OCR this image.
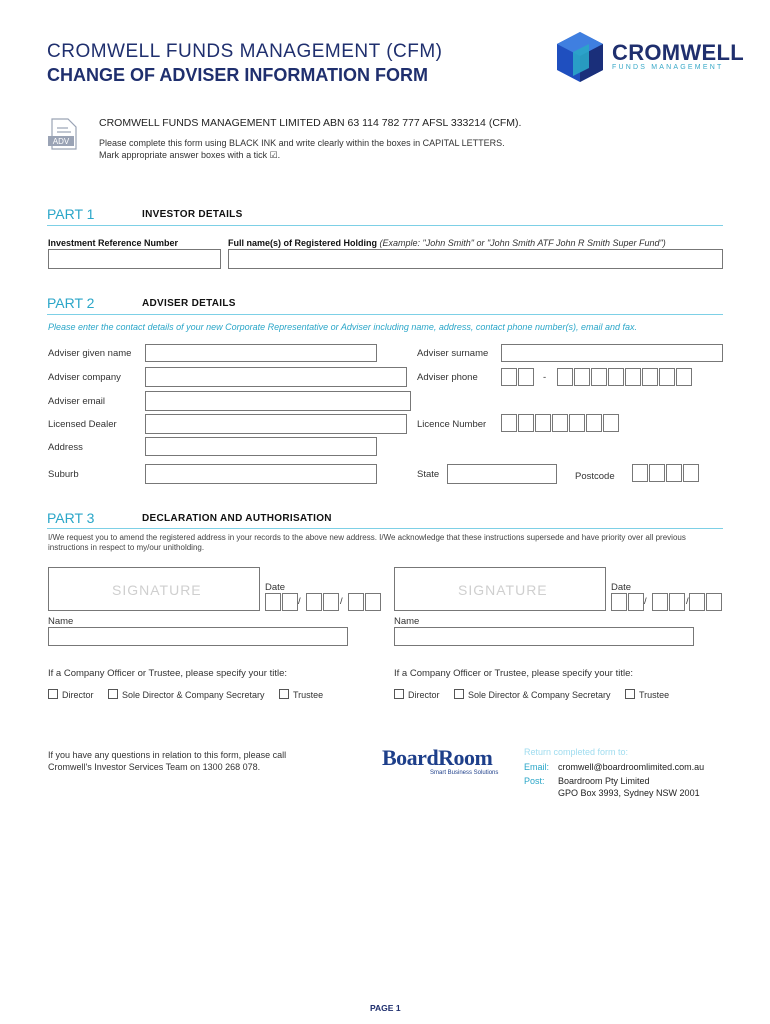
CROMWELL FUNDS MANAGEMENT (CFM)
CHANGE OF ADVISER INFORMATION FORM
CROMWELL
FUNDS MANAGEMENT
ADV
CROMWELL FUNDS MANAGEMENT LIMITED ABN 63 114 782 777 AFSL 333214 (CFM).
Please complete this form using BLACK INK and write clearly within the boxes in CAPITAL LETTERS.
Mark appropriate answer boxes with a tick ☑.
PART 1	INVESTOR DETAILS
Investment Reference Number	Full name(s) of Registered Holding (Example: "John Smith" or "John Smith ATF John R Smith Super Fund")
PART 2	ADVISER DETAILS
Please enter the contact details of your new Corporate Representative or Adviser including name, address, contact phone number(s), email and fax.
Adviser given name	Adviser surname
Adviser company	Adviser phone	-
Adviser email
Licensed Dealer	Licence Number
Address
Suburb	State	Postcode
PART 3	DECLARATION AND AUTHORISATION
I/We request you to amend the registered address in your records to the above new address. I/We acknowledge that these instructions supersede and have priority over all previous instructions in respect to my/our unitholding.
SIGNATURE	Date
/	/
Name
If a Company Officer or Trustee, please specify your title:
Director	Sole Director & Company Secretary	Trustee
SIGNATURE	Date
/	/
Name
If a Company Officer or Trustee, please specify your title:
Director	Sole Director & Company Secretary	Trustee
If you have any questions in relation to this form, please call
Cromwell's Investor Services Team on 1300 268 078.	BoardRoom
Smart Business Solutions
Return completed form to:
Email: cromwell@boardroomlimited.com.au
Post: Boardroom Pty Limited
GPO Box 3993, Sydney NSW 2001
PAGE 1
